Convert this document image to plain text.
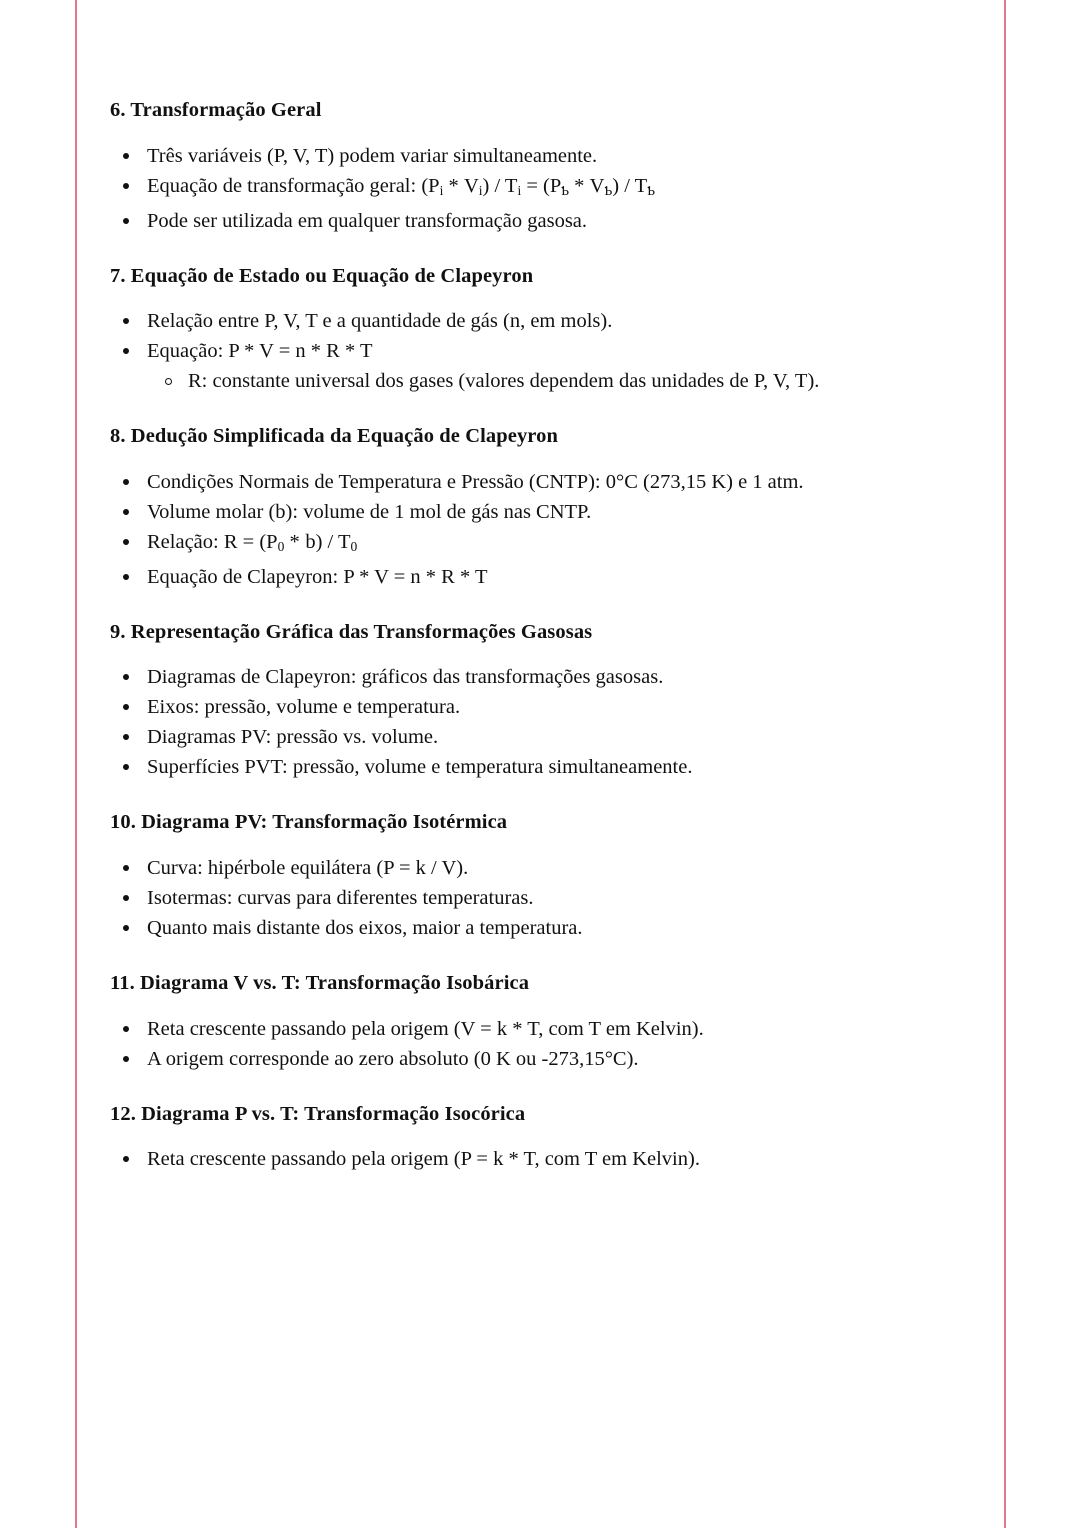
6. Transformação Geral
Três variáveis (P, V, T) podem variar simultaneamente.
Equação de transformação geral: $(P_i * V_i) / T_i = (P_Ƅ * V_Ƅ) / T_Ƅ$
Pode ser utilizada em qualquer transformação gasosa.
7. Equação de Estado ou Equação de Clapeyron
Relação entre P, V, T e a quantidade de gás (n, em mols).
Equação: P * V = n * R * T
R: constante universal dos gases (valores dependem das unidades de P, V, T).
8. Dedução Simplificada da Equação de Clapeyron
Condições Normais de Temperatura e Pressão (CNTP): 0°C (273,15 K) e 1 atm.
Volume molar (b): volume de 1 mol de gás nas CNTP.
Relação: $R = (P_0 * b) / T_0$
Equação de Clapeyron: P * V = n * R * T
9. Representação Gráfica das Transformações Gasosas
Diagramas de Clapeyron: gráficos das transformações gasosas.
Eixos: pressão, volume e temperatura.
Diagramas PV: pressão vs. volume.
Superfícies PVT: pressão, volume e temperatura simultaneamente.
10. Diagrama PV: Transformação Isotérmica
Curva: hipérbole equilátera (P = k / V).
Isotermas: curvas para diferentes temperaturas.
Quanto mais distante dos eixos, maior a temperatura.
11. Diagrama V vs. T: Transformação Isobárica
Reta crescente passando pela origem (V = k * T, com T em Kelvin).
A origem corresponde ao zero absoluto (0 K ou -273,15°C).
12. Diagrama P vs. T: Transformação Isocórica
Reta crescente passando pela origem (P = k * T, com T em Kelvin).
